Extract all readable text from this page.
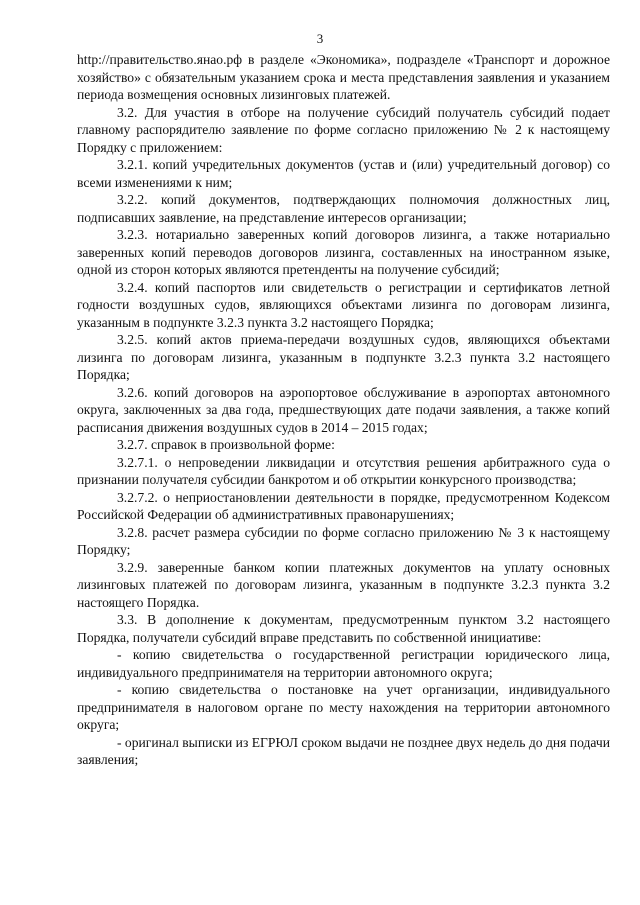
3

http://правительство.янао.рф в разделе «Экономика», подразделе «Транспорт и дорожное хозяйство» с обязательным указанием срока и места представления заявления и указанием периода возмещения основных лизинговых платежей.

3.2. Для участия в отборе на получение субсидий получатель субсидий подает главному распорядителю заявление по форме согласно приложению № 2 к настоящему Порядку с приложением:

3.2.1. копий учредительных документов (устав и (или) учредительный договор) со всеми изменениями к ним;

3.2.2. копий документов, подтверждающих полномочия должностных лиц, подписавших заявление, на представление интересов организации;

3.2.3. нотариально заверенных копий договоров лизинга, а также нотариально заверенных копий переводов договоров лизинга, составленных на иностранном языке, одной из сторон которых являются претенденты на получение субсидий;

3.2.4. копий паспортов или свидетельств о регистрации и сертификатов летной годности воздушных судов, являющихся объектами лизинга по договорам лизинга, указанным в подпункте 3.2.3 пункта 3.2 настоящего Порядка;

3.2.5. копий актов приема-передачи воздушных судов, являющихся объектами лизинга по договорам лизинга, указанным в подпункте 3.2.3 пункта 3.2 настоящего Порядка;

3.2.6. копий договоров на аэропортовое обслуживание в аэропортах автономного округа, заключенных за два года, предшествующих дате подачи заявления, а также копий расписания движения воздушных судов в 2014 – 2015 годах;

3.2.7. справок в произвольной форме:

3.2.7.1. о непроведении ликвидации и отсутствия решения арбитражного суда о признании получателя субсидии банкротом и об открытии конкурсного производства;

3.2.7.2. о неприостановлении деятельности в порядке, предусмотренном Кодексом Российской Федерации об административных правонарушениях;

3.2.8. расчет размера субсидии по форме согласно приложению № 3 к настоящему Порядку;

3.2.9. заверенные банком копии платежных документов на уплату основных лизинговых платежей по договорам лизинга, указанным в подпункте 3.2.3 пункта 3.2 настоящего Порядка.

3.3. В дополнение к документам, предусмотренным пунктом 3.2 настоящего Порядка, получатели субсидий вправе представить по собственной инициативе:

- копию свидетельства о государственной регистрации юридического лица, индивидуального предпринимателя на территории автономного округа;

- копию свидетельства о постановке на учет организации, индивидуального предпринимателя в налоговом органе по месту нахождения на территории автономного округа;

- оригинал выписки из ЕГРЮЛ сроком выдачи не позднее двух недель до дня подачи заявления;
